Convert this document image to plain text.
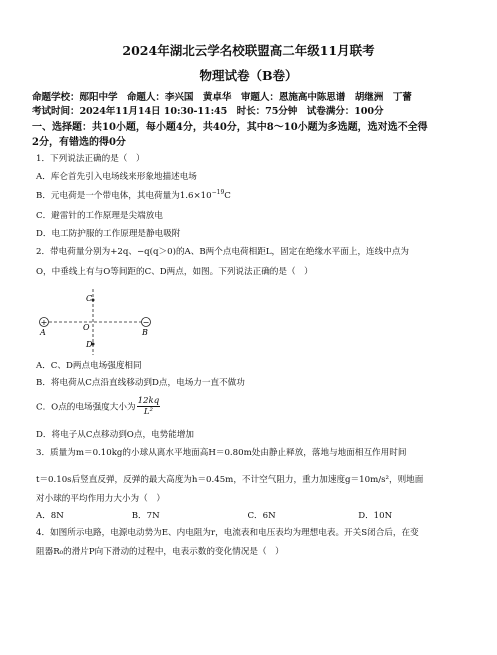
2024年湖北云学名校联盟高二年级11月联考
物理试卷（B卷）
命题学校：郧阳中学　命题人：李兴国　黄卓华　审题人：恩施高中陈思谱　胡继洲　丁蕾
考试时间：2024年11月14日 10:30-11:45　时长：75分钟　试卷满分：100分
一、选择题：共10小题，每小题4分，共40分，其中8～10小题为多选题，选对选不全得
2分，有错选的得0分
1．下列说法正确的是（　）
A．库仑首先引入电场线来形象地描述电场
B．元电荷是一个带电体，其电荷量为$1.6\times 10^{-19}C$
C．避雷针的工作原理是尖端放电
D．电工防护服的工作原理是静电吸附
2．带电荷量分别为+2q、−q(q＞0)的A、B两个点电荷相距L，固定在绝缘水平面上，连线中点为
O，中垂线上有与O等间距的C、D两点，如图。下列说法正确的是（　）
+	−
C
O
D
A	B
A．C、D两点电场强度相同
B．将电荷从C点沿直线移动到D点，电场力一直不做功
C．O点的电场强度大小为 $\frac{12kq}{\text{L²}}$
D．将电子从C点移动到O点，电势能增加
3．质量为m＝0.10kg的小球从离水平地面高H＝0.80m处由静止释放，落地与地面相互作用时间
t＝0.10s后竖直反弹，反弹的最大高度为h＝0.45m，不计空气阻力，重力加速度g＝10m/s²，则地面
对小球的平均作用力大小为（　）
A．8N	B．7N	C．6N	D．10N
4．如图所示电路，电源电动势为E、内电阻为r，电流表和电压表均为理想电表。开关S闭合后，在变
阻器R₀的滑片P向下滑动的过程中，电表示数的变化情况是（　）
